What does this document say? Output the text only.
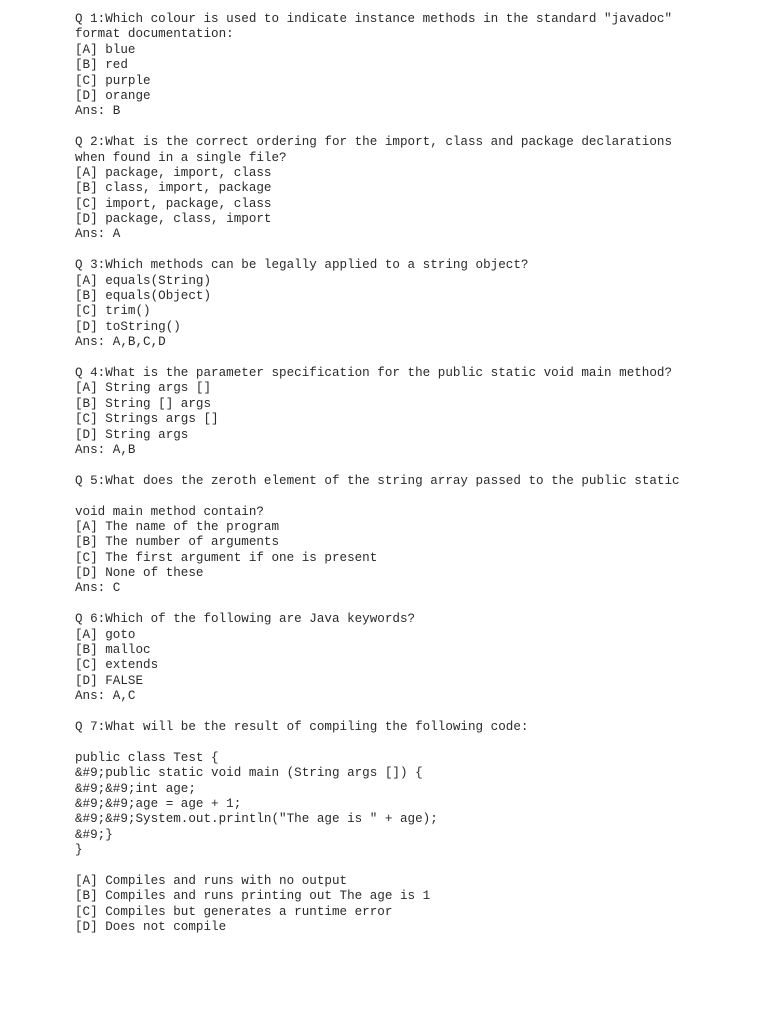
Q 1:Which colour is used to indicate instance methods in the standard "javadoc"
format documentation:
[A] blue
[B] red
[C] purple
[D] orange
Ans: B
Q 2:What is the correct ordering for the import, class and package declarations
when found in a single file?
[A] package, import, class
[B] class, import, package
[C] import, package, class
[D] package, class, import
Ans: A
Q 3:Which methods can be legally applied to a string object?
[A] equals(String)
[B] equals(Object)
[C] trim()
[D] toString()
Ans: A,B,C,D
Q 4:What is the parameter specification for the public static void main method?
[A] String args []
[B] String [] args
[C] Strings args []
[D] String args
Ans: A,B
Q 5:What does the zeroth element of the string array passed to the public static
void main method contain?
[A] The name of the program
[B] The number of arguments
[C] The first argument if one is present
[D] None of these
Ans: C
Q 6:Which of the following are Java keywords?
[A] goto
[B] malloc
[C] extends
[D] FALSE
Ans: A,C
Q 7:What will be the result of compiling the following code:
public class Test {
&#9;public static void main (String args []) {
&#9;&#9;int age;
&#9;&#9;age = age + 1;
&#9;&#9;System.out.println("The age is " + age);
&#9;}
}
[A] Compiles and runs with no output
[B] Compiles and runs printing out The age is 1
[C] Compiles but generates a runtime error
[D] Does not compile
